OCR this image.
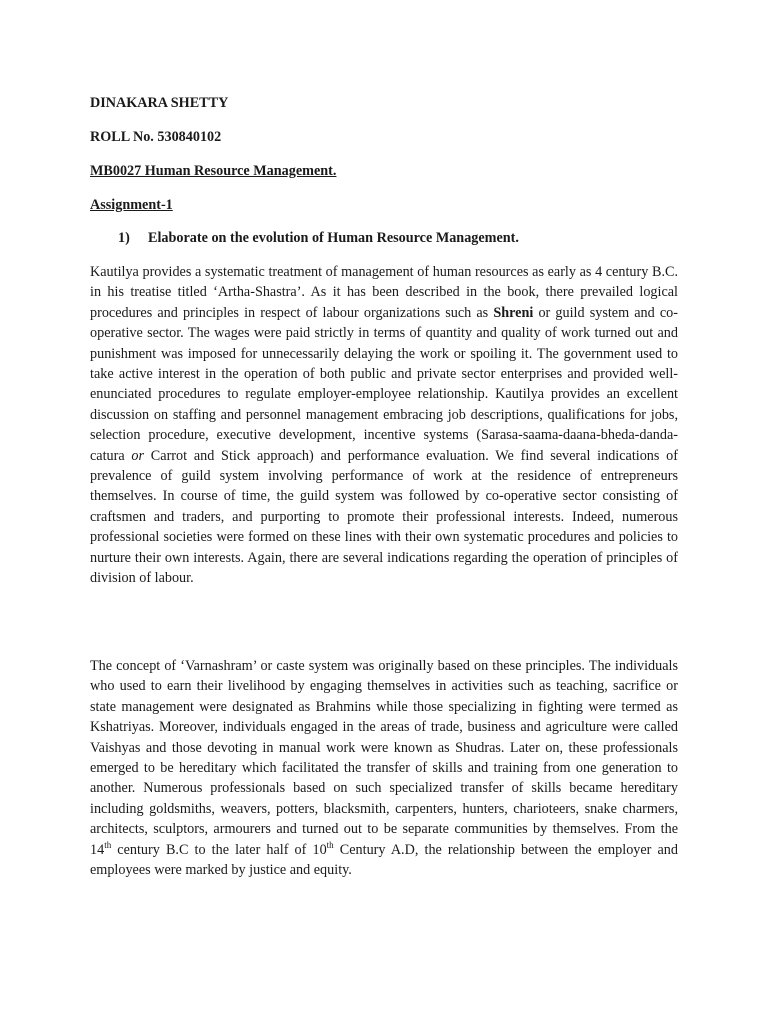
DINAKARA SHETTY

ROLL No. 530840102

MB0027 Human Resource Management.

Assignment-1

1) Elaborate on the evolution of Human Resource Management.

Kautilya provides a systematic treatment of management of human resources as early as 4 century B.C. in his treatise titled ‘Artha-Shastra’. As it has been described in the book, there prevailed logical procedures and principles in respect of labour organizations such as Shreni or guild system and co-operative sector. The wages were paid strictly in terms of quantity and quality of work turned out and punishment was imposed for unnecessarily delaying the work or spoiling it. The government used to take active interest in the operation of both public and private sector enterprises and provided well-enunciated procedures to regulate employer-employee relationship. Kautilya provides an excellent discussion on staffing and personnel management embracing job descriptions, qualifications for jobs, selection procedure, executive development, incentive systems (Sarasa-saama-daana-bheda-danda-catura or Carrot and Stick approach) and performance evaluation. We find several indications of prevalence of guild system involving performance of work at the residence of entrepreneurs themselves. In course of time, the guild system was followed by co-operative sector consisting of craftsmen and traders, and purporting to promote their professional interests. Indeed, numerous professional societies were formed on these lines with their own systematic procedures and policies to nurture their own interests. Again, there are several indications regarding the operation of principles of division of labour.

The concept of ‘Varnashram’ or caste system was originally based on these principles. The individuals who used to earn their livelihood by engaging themselves in activities such as teaching, sacrifice or state management were designated as Brahmins while those specializing in fighting were termed as Kshatriyas. Moreover, individuals engaged in the areas of trade, business and agriculture were called Vaishyas and those devoting in manual work were known as Shudras. Later on, these professionals emerged to be hereditary which facilitated the transfer of skills and training from one generation to another. Numerous professionals based on such specialized transfer of skills became hereditary including goldsmiths, weavers, potters, blacksmith, carpenters, hunters, charioteers, snake charmers, architects, sculptors, armourers and turned out to be separate communities by themselves. From the 14th century B.C to the later half of 10th Century A.D, the relationship between the employer and employees were marked by justice and equity.
